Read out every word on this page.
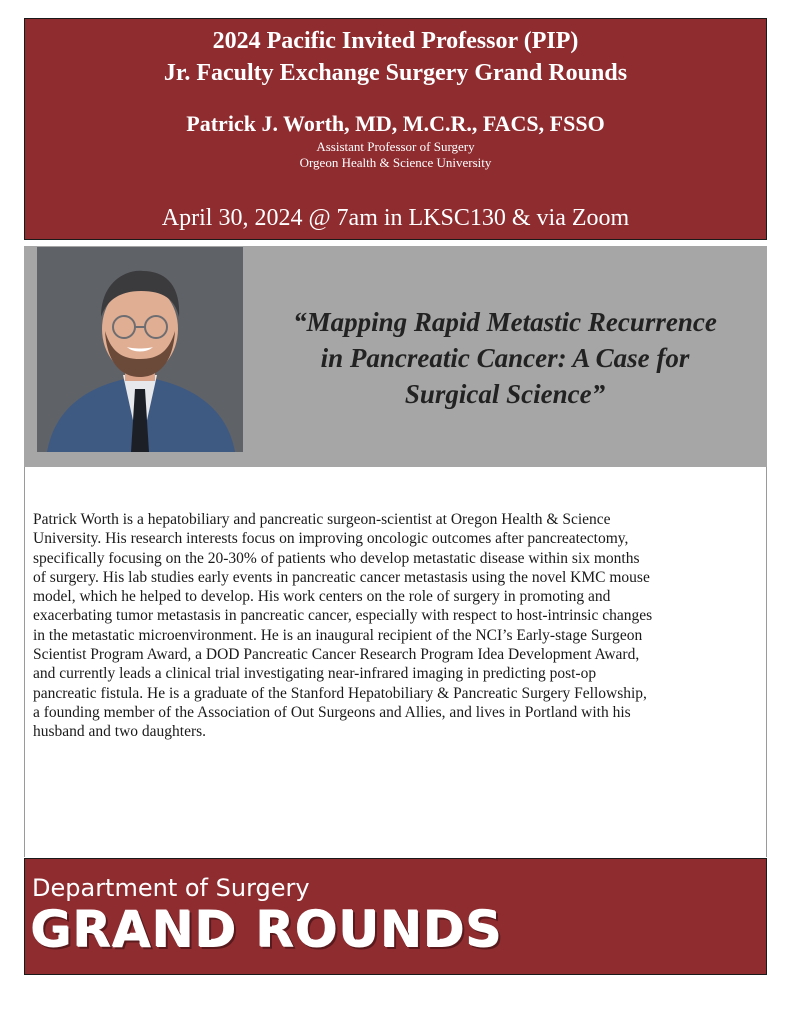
2024 Pacific Invited Professor (PIP)
Jr. Faculty Exchange Surgery Grand Rounds
Patrick J. Worth, MD, M.C.R., FACS, FSSO
Assistant Professor of Surgery
Orgeon Health & Science University
April 30, 2024 @ 7am in LKSC130 & via Zoom
“Mapping Rapid Metastic Recurrence
in Pancreatic Cancer: A Case for
Surgical Science”
Patrick Worth is a hepatobiliary and pancreatic surgeon-scientist at Oregon Health & Science
University. His research interests focus on improving oncologic outcomes after pancreatectomy,
specifically focusing on the 20-30% of patients who develop metastatic disease within six months
of surgery. His lab studies early events in pancreatic cancer metastasis using the novel KMC mouse
model, which he helped to develop. His work centers on the role of surgery in promoting and
exacerbating tumor metastasis in pancreatic cancer, especially with respect to host-intrinsic changes
in the metastatic microenvironment. He is an inaugural recipient of the NCI’s Early-stage Surgeon
Scientist Program Award, a DOD Pancreatic Cancer Research Program Idea Development Award,
and currently leads a clinical trial investigating near-infrared imaging in predicting post-op
pancreatic fistula. He is a graduate of the Stanford Hepatobiliary & Pancreatic Surgery Fellowship,
a founding member of the Association of Out Surgeons and Allies, and lives in Portland with his
husband and two daughters.
Department of Surgery
GRAND ROUNDS
